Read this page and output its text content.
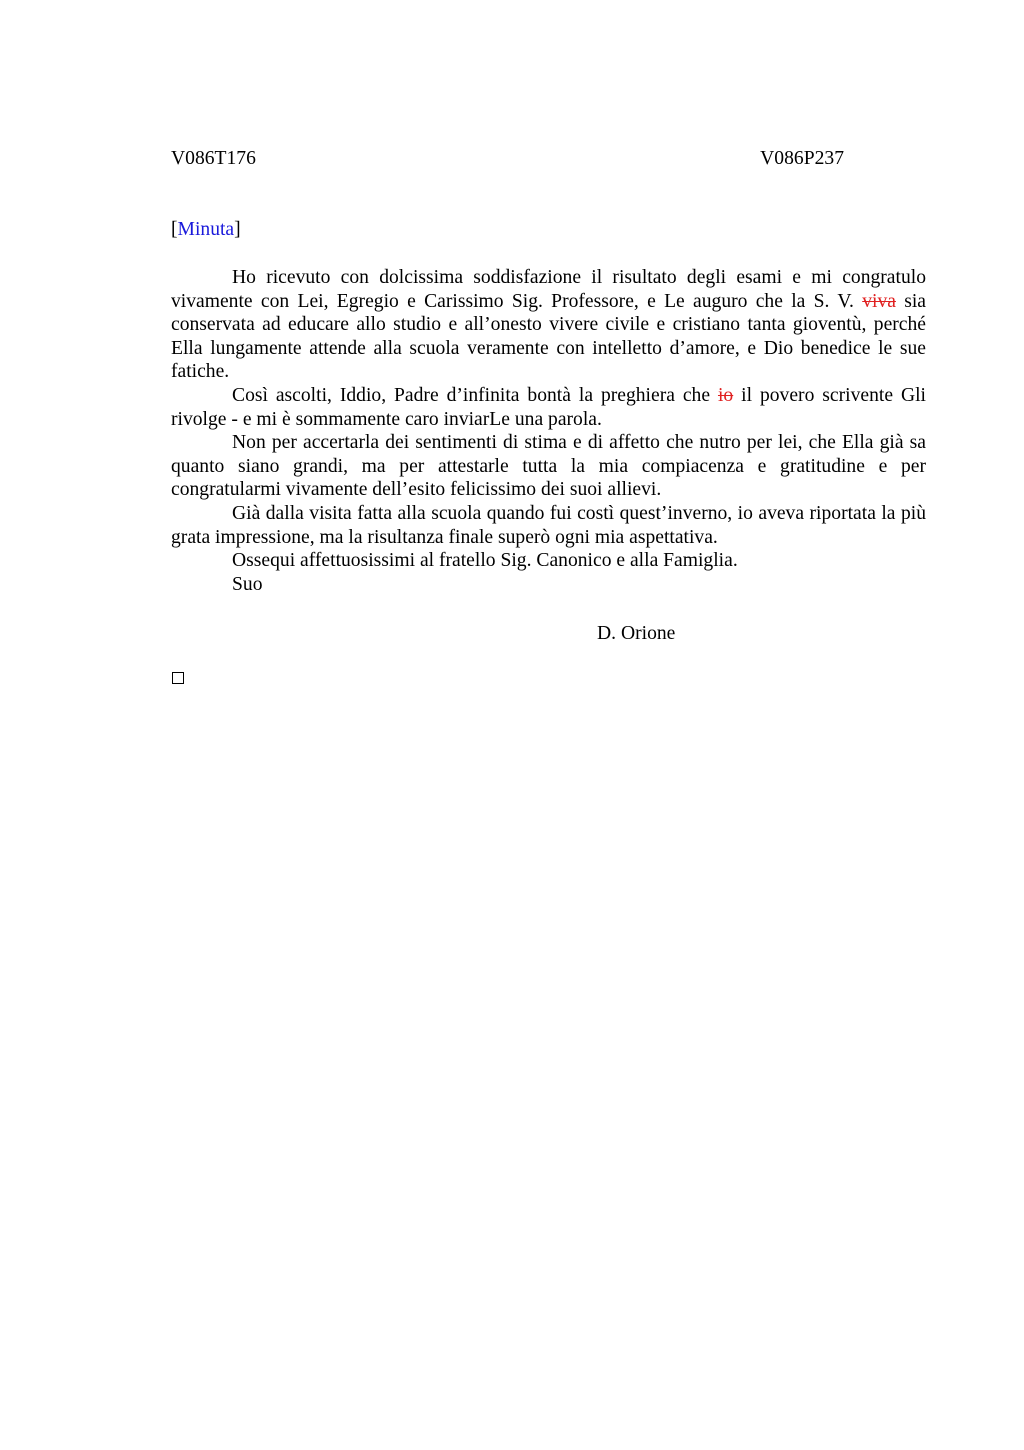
V086T176	V086P237
[Minuta]

Ho ricevuto con dolcissima soddisfazione il risultato degli esami e mi congratulo vivamente con Lei, Egregio e Carissimo Sig. Professore, e Le auguro che la S. V. viva sia conservata ad educare allo studio e all’onesto vivere civile e cristiano tanta gioventù, perché Ella lungamente attende alla scuola veramente con intelletto d’amore, e Dio benedice le sue fatiche.

Così ascolti, Iddio, Padre d’infinita bontà la preghiera che io il povero scrivente Gli rivolge - e mi è sommamente caro inviarLe una parola.

Non per accertarla dei sentimenti di stima e di affetto che nutro per lei, che Ella già sa quanto siano grandi, ma per attestarle tutta la mia compiacenza e gratitudine e per congratularmi vivamente dell’esito felicissimo dei suoi allievi.

Già dalla visita fatta alla scuola quando fui costì quest’inverno, io aveva riportata la più grata impressione, ma la risultanza finale superò ogni mia aspettativa.

Ossequi affettuosissimi al fratello Sig. Canonico e alla Famiglia.

Suo

D. Orione
